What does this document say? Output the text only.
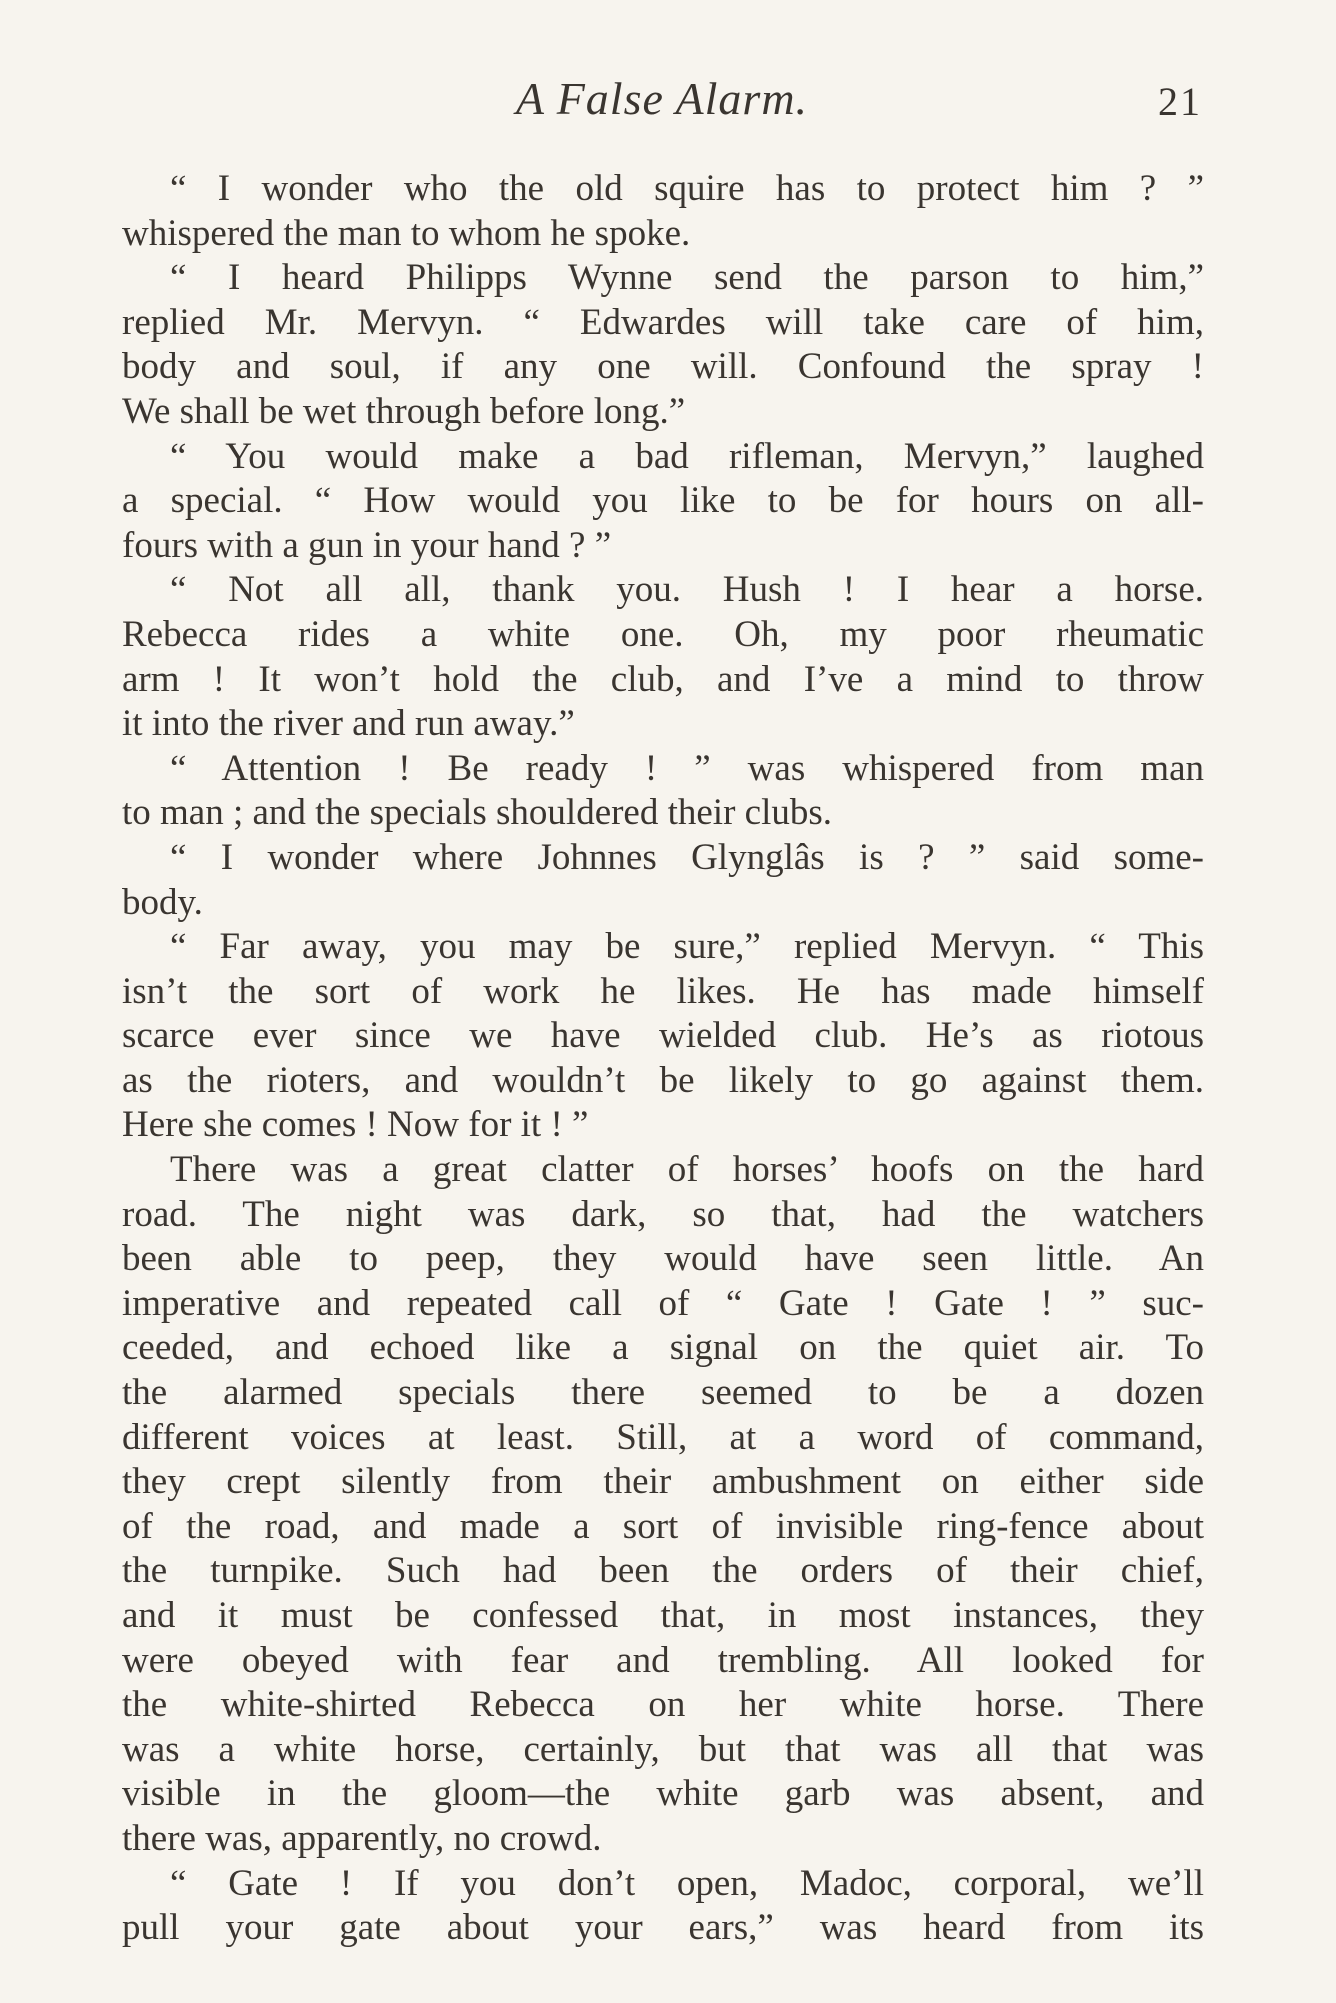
A False Alarm.	21
“ I wonder who the old squire has to protect him ? ”
whispered the man to whom he spoke.
“ I heard Philipps Wynne send the parson to him,”
replied Mr. Mervyn. “ Edwardes will take care of him,
body and soul, if any one will. Confound the spray !
We shall be wet through before long.”
“ You would make a bad rifleman, Mervyn,” laughed
a special. “ How would you like to be for hours on all-
fours with a gun in your hand ? ”
“ Not all all, thank you. Hush ! I hear a horse.
Rebecca rides a white one. Oh, my poor rheumatic
arm ! It won’t hold the club, and I’ve a mind to throw
it into the river and run away.”
“ Attention ! Be ready ! ” was whispered from man
to man ; and the specials shouldered their clubs.
“ I wonder where Johnnes Glynglâs is ? ” said some-
body.
“ Far away, you may be sure,” replied Mervyn. “ This
isn’t the sort of work he likes. He has made himself
scarce ever since we have wielded club. He’s as riotous
as the rioters, and wouldn’t be likely to go against them.
Here she comes ! Now for it ! ”
There was a great clatter of horses’ hoofs on the hard
road. The night was dark, so that, had the watchers
been able to peep, they would have seen little. An
imperative and repeated call of “ Gate ! Gate ! ” suc-
ceeded, and echoed like a signal on the quiet air. To
the alarmed specials there seemed to be a dozen
different voices at least. Still, at a word of command,
they crept silently from their ambushment on either side
of the road, and made a sort of invisible ring-fence about
the turnpike. Such had been the orders of their chief,
and it must be confessed that, in most instances, they
were obeyed with fear and trembling. All looked for
the white-shirted Rebecca on her white horse. There
was a white horse, certainly, but that was all that was
visible in the gloom—the white garb was absent, and
there was, apparently, no crowd.
“ Gate ! If you don’t open, Madoc, corporal, we’ll
pull your gate about your ears,” was heard from its
